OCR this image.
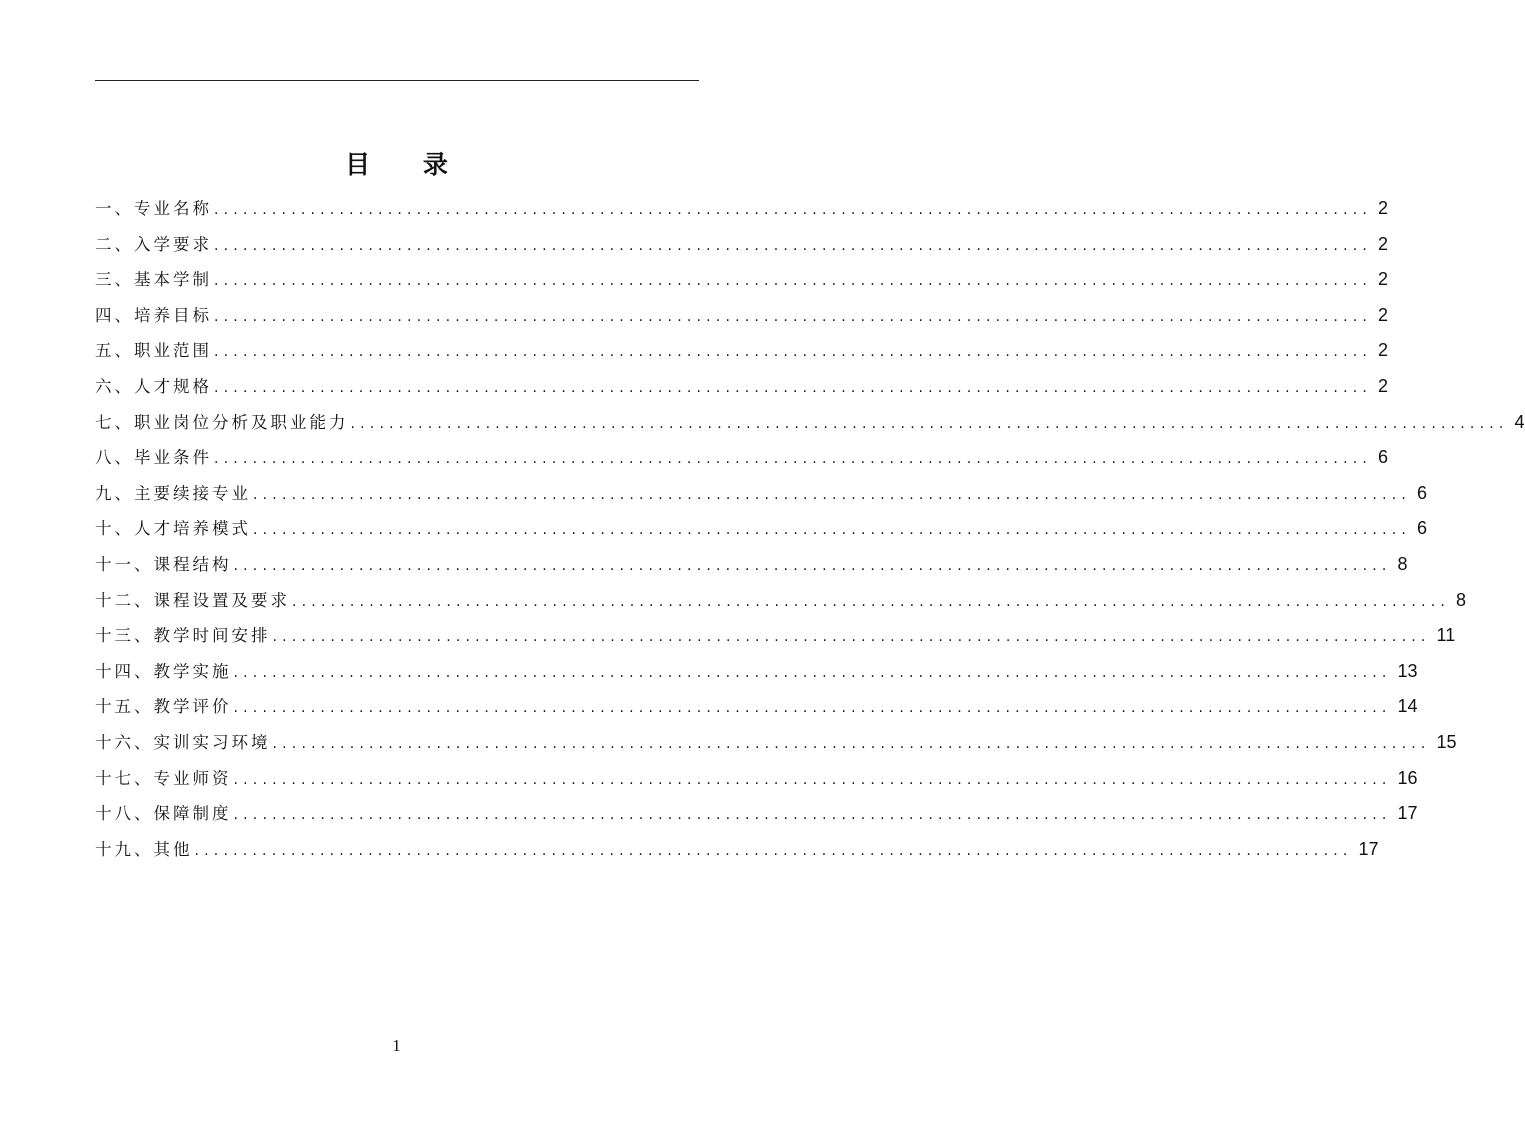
目 录
一、专业名称 ........................................................................................................................ 2
二、入学要求 ........................................................................................................................ 2
三、基本学制 ........................................................................................................................ 2
四、培养目标 ........................................................................................................................ 2
五、职业范围 ........................................................................................................................ 2
六、人才规格 ........................................................................................................................ 2
七、职业岗位分析及职业能力 ........................................................................................................................ 4
八、毕业条件 ........................................................................................................................ 6
九、主要续接专业 ........................................................................................................................ 6
十、人才培养模式 ........................................................................................................................ 6
十一、课程结构 ........................................................................................................................ 8
十二、课程设置及要求 ........................................................................................................................ 8
十三、教学时间安排 ........................................................................................................................ 11
十四、教学实施 ........................................................................................................................ 13
十五、教学评价 ........................................................................................................................ 14
十六、实训实习环境 ........................................................................................................................ 15
十七、专业师资 ........................................................................................................................ 16
十八、保障制度 ........................................................................................................................ 17
十九、其他 ........................................................................................................................ 17
1
